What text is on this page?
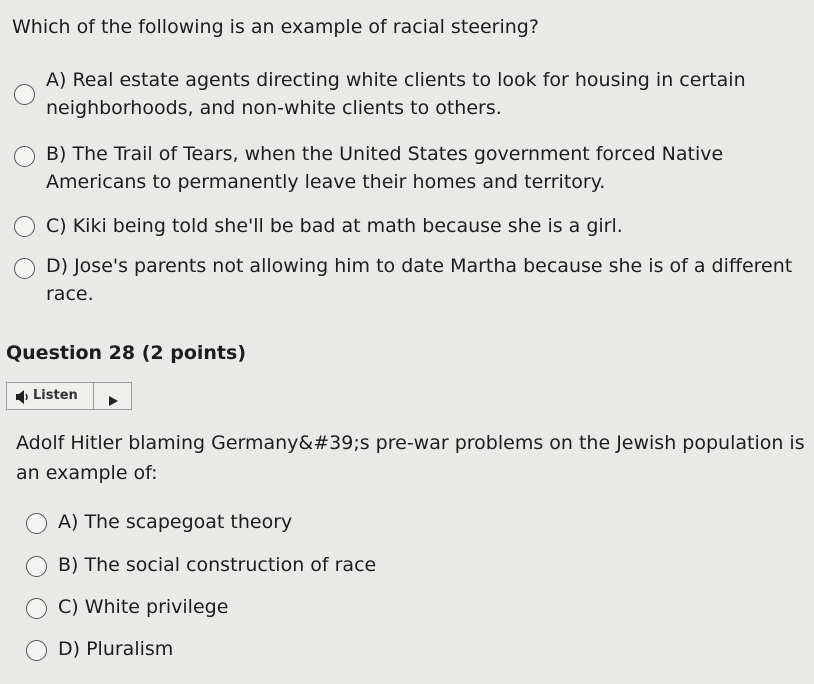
Which of the following is an example of racial steering?

A) Real estate agents directing white clients to look for housing in certain neighborhoods, and non-white clients to others.
B) The Trail of Tears, when the United States government forced Native Americans to permanently leave their homes and territory.
C) Kiki being told she'll be bad at math because she is a girl.
D) Jose's parents not allowing him to date Martha because she is of a different race.
Question 28 (2 points)
Listen

Adolf Hitler blaming Germany&#39;s pre-war problems on the Jewish population is an example of:

A) The scapegoat theory
B) The social construction of race
C) White privilege
D) Pluralism
